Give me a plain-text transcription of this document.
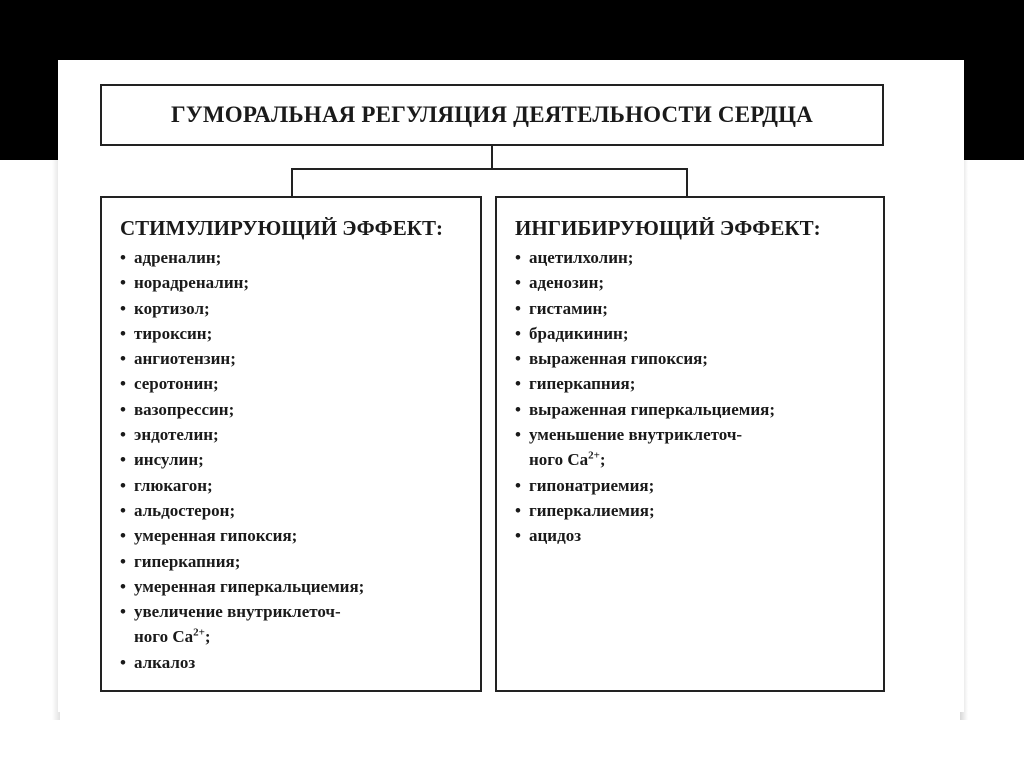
ГУМОРАЛЬНАЯ РЕГУЛЯЦИЯ ДЕЯТЕЛЬНОСТИ СЕРДЦА
СТИМУЛИРУЮЩИЙ ЭФФЕКТ:
• адреналин;
• норадреналин;
• кортизол;
• тироксин;
• ангиотензин;
• серотонин;
• вазопрессин;
• эндотелин;
• инсулин;
• глюкагон;
• альдостерон;
• умеренная гипоксия;
• гиперкапния;
• умеренная гиперкальциемия;
• увеличение внутриклеточ-
ного $Ca^{2+}$;
• алкалоз
ИНГИБИРУЮЩИЙ ЭФФЕКТ:
• ацетилхолин;
• аденозин;
• гистамин;
• брадикинин;
• выраженная гипоксия;
• гиперкапния;
• выраженная гиперкальциемия;
• уменьшение внутриклеточ-
ного $Ca^{2+}$;
• гипонатриемия;
• гиперкалиемия;
• ацидоз
